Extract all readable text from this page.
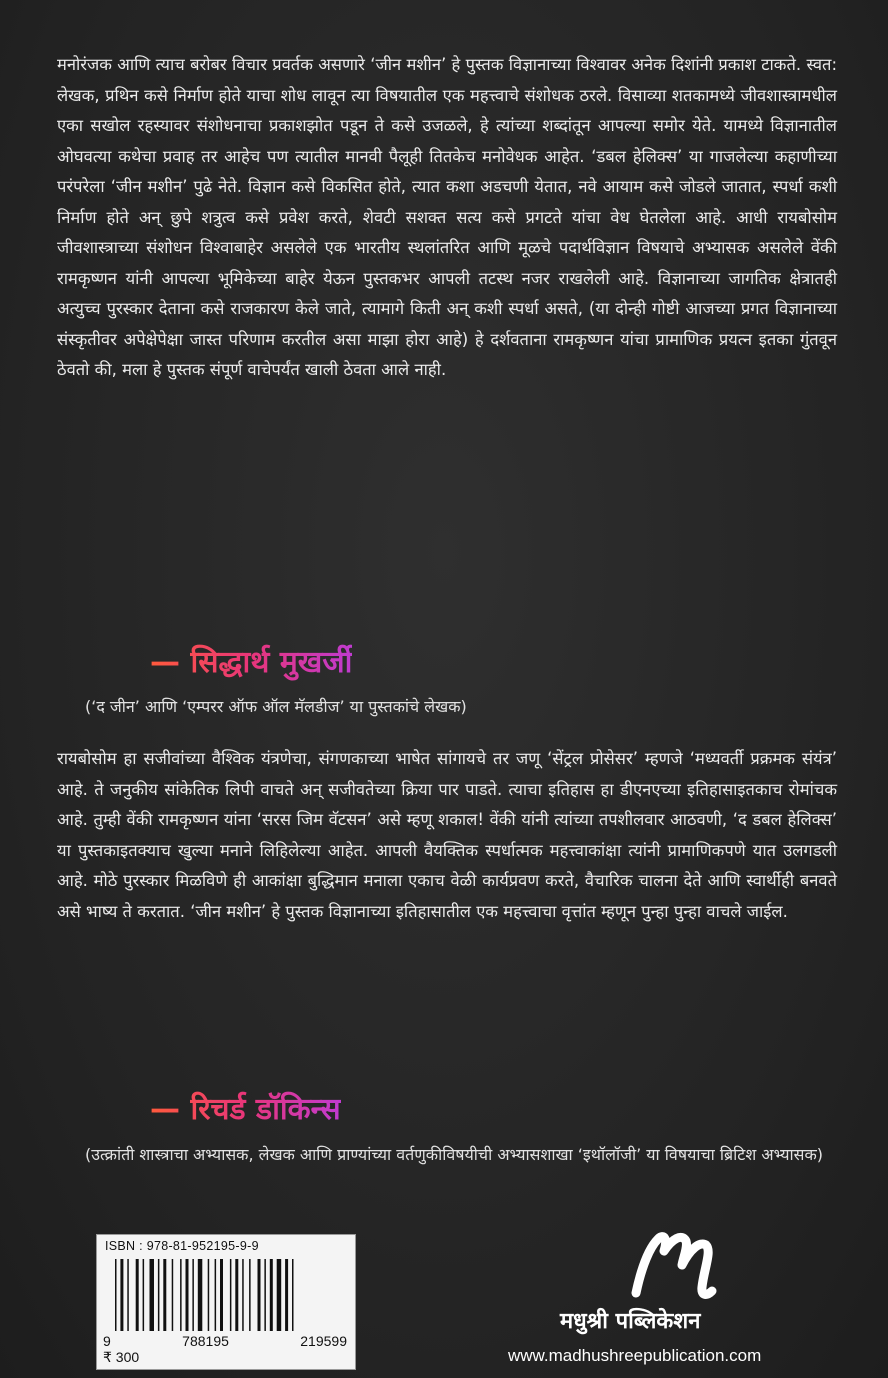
मनोरंजक आणि त्याच बरोबर विचार प्रवर्तक असणारे ‘जीन मशीन’ हे पुस्तक विज्ञानाच्या विश्वावर अनेक दिशांनी प्रकाश टाकते. स्वत: लेखक, प्रथिन कसे निर्माण होते याचा शोध लावून त्या विषयातील एक महत्त्वाचे संशोधक ठरले. विसाव्या शतकामध्ये जीवशास्त्रामधील एका सखोल रहस्यावर संशोधनाचा प्रकाशझोत पडून ते कसे उजळले, हे त्यांच्या शब्दांतून आपल्या समोर येते. यामध्ये विज्ञानातील ओघवत्या कथेचा प्रवाह तर आहेच पण त्यातील मानवी पैलूही तितकेच मनोवेधक आहेत. ‘डबल हेलिक्स’ या गाजलेल्या कहाणीच्या परंपरेला ‘जीन मशीन’ पुढे नेते. विज्ञान कसे विकसित होते, त्यात कशा अडचणी येतात, नवे आयाम कसे जोडले जातात, स्पर्धा कशी निर्माण होते अन् छुपे शत्रुत्व कसे प्रवेश करते, शेवटी सशक्त सत्य कसे प्रगटते यांचा वेध घेतलेला आहे. आधी रायबोसोम जीवशास्त्राच्या संशोधन विश्वाबाहेर असलेले एक भारतीय स्थलांतरित आणि मूळचे पदार्थविज्ञान विषयाचे अभ्यासक असलेले वेंकी रामकृष्णन यांनी आपल्या भूमिकेच्या बाहेर येऊन पुस्तकभर आपली तटस्थ नजर राखलेली आहे. विज्ञानाच्या जागतिक क्षेत्रातही अत्युच्च पुरस्कार देताना कसे राजकारण केले जाते, त्यामागे किती अन् कशी स्पर्धा असते, (या दोन्ही गोष्टी आजच्या प्रगत विज्ञानाच्या संस्कृतीवर अपेक्षेपेक्षा जास्त परिणाम करतील असा माझा होरा आहे) हे दर्शवताना रामकृष्णन यांचा प्रामाणिक प्रयत्न इतका गुंतवून ठेवतो की, मला हे पुस्तक संपूर्ण वाचेपर्यंत खाली ठेवता आले नाही.
— सिद्धार्थ मुखर्जी
(‘द जीन’ आणि ‘एम्परर ऑफ ऑल मॅलडीज’ या पुस्तकांचे लेखक)
रायबोसोम हा सजीवांच्या वैश्विक यंत्रणेचा, संगणकाच्या भाषेत सांगायचे तर जणू ‘सेंट्रल प्रोसेसर’ म्हणजे ‘मध्यवर्ती प्रक्रमक संयंत्र’ आहे. ते जनुकीय सांकेतिक लिपी वाचते अन् सजीवतेच्या क्रिया पार पाडते. त्याचा इतिहास हा डीएनएच्या इतिहासाइतकाच रोमांचक आहे. तुम्ही वेंकी रामकृष्णन यांना ‘सरस जिम वॅटसन’ असे म्हणू शकाल! वेंकी यांनी त्यांच्या तपशीलवार आठवणी, ‘द डबल हेलिक्स’ या पुस्तकाइतक्याच खुल्या मनाने लिहिलेल्या आहेत. आपली वैयक्तिक स्पर्धात्मक महत्त्वाकांक्षा त्यांनी प्रामाणिकपणे यात उलगडली आहे. मोठे पुरस्कार मिळविणे ही आकांक्षा बुद्धिमान मनाला एकाच वेळी कार्यप्रवण करते, वैचारिक चालना देते आणि स्वार्थीही बनवते असे भाष्य ते करतात. ‘जीन मशीन’ हे पुस्तक विज्ञानाच्या इतिहासातील एक महत्त्वाचा वृत्तांत म्हणून पुन्हा पुन्हा वाचले जाईल.
— रिचर्ड डॉकिन्स
(उत्क्रांती शास्त्राचा अभ्यासक, लेखक आणि प्राण्यांच्या वर्तणुकीविषयीची अभ्यासशाखा ‘इथॉलॉजी’ या विषयाचा ब्रिटिश अभ्यासक)
ISBN : 978-81-952195-9-9
9	788195	219599
₹ 300
मधुश्री पब्लिकेशन
www.madhushreepublication.com
